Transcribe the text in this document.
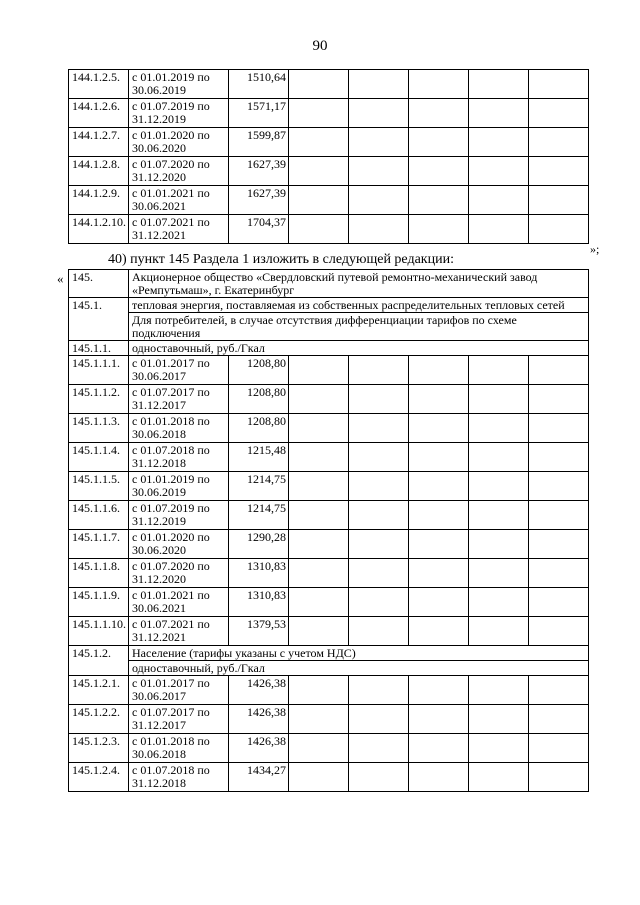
90
144.1.2.5.	с 01.01.2019 по 30.06.2019	1510,64					
144.1.2.6.	с 01.07.2019 по 31.12.2019	1571,17					
144.1.2.7.	с 01.01.2020 по 30.06.2020	1599,87					
144.1.2.8.	с 01.07.2020 по 31.12.2020	1627,39					
144.1.2.9.	с 01.01.2021 по 30.06.2021	1627,39					
144.1.2.10.	с 01.07.2021 по 31.12.2021	1704,37					
»;
40) пункт 145 Раздела 1 изложить в следующей редакции:
« 145.	Акционерное общество «Свердловский путевой ремонтно-механический завод «Ремпутьмаш», г. Екатеринбург						
145.1.	тепловая энергия, поставляемая из собственных распределительных тепловых сетей						
	Для потребителей, в случае отсутствия дифференциации тарифов по схеме подключения						
145.1.1.	одноставочный, руб./Гкал						
145.1.1.1.	с 01.01.2017 по 30.06.2017	1208,80					
145.1.1.2.	с 01.07.2017 по 31.12.2017	1208,80					
145.1.1.3.	с 01.01.2018 по 30.06.2018	1208,80					
145.1.1.4.	с 01.07.2018 по 31.12.2018	1215,48					
145.1.1.5.	с 01.01.2019 по 30.06.2019	1214,75					
145.1.1.6.	с 01.07.2019 по 31.12.2019	1214,75					
145.1.1.7.	с 01.01.2020 по 30.06.2020	1290,28					
145.1.1.8.	с 01.07.2020 по 31.12.2020	1310,83					
145.1.1.9.	с 01.01.2021 по 30.06.2021	1310,83					
145.1.1.10.	с 01.07.2021 по 31.12.2021	1379,53					
145.1.2.	Население (тарифы указаны с учетом НДС)						
	одноставочный, руб./Гкал						
145.1.2.1.	с 01.01.2017 по 30.06.2017	1426,38					
145.1.2.2.	с 01.07.2017 по 31.12.2017	1426,38					
145.1.2.3.	с 01.01.2018 по 30.06.2018	1426,38					
145.1.2.4.	с 01.07.2018 по 31.12.2018	1434,27					
